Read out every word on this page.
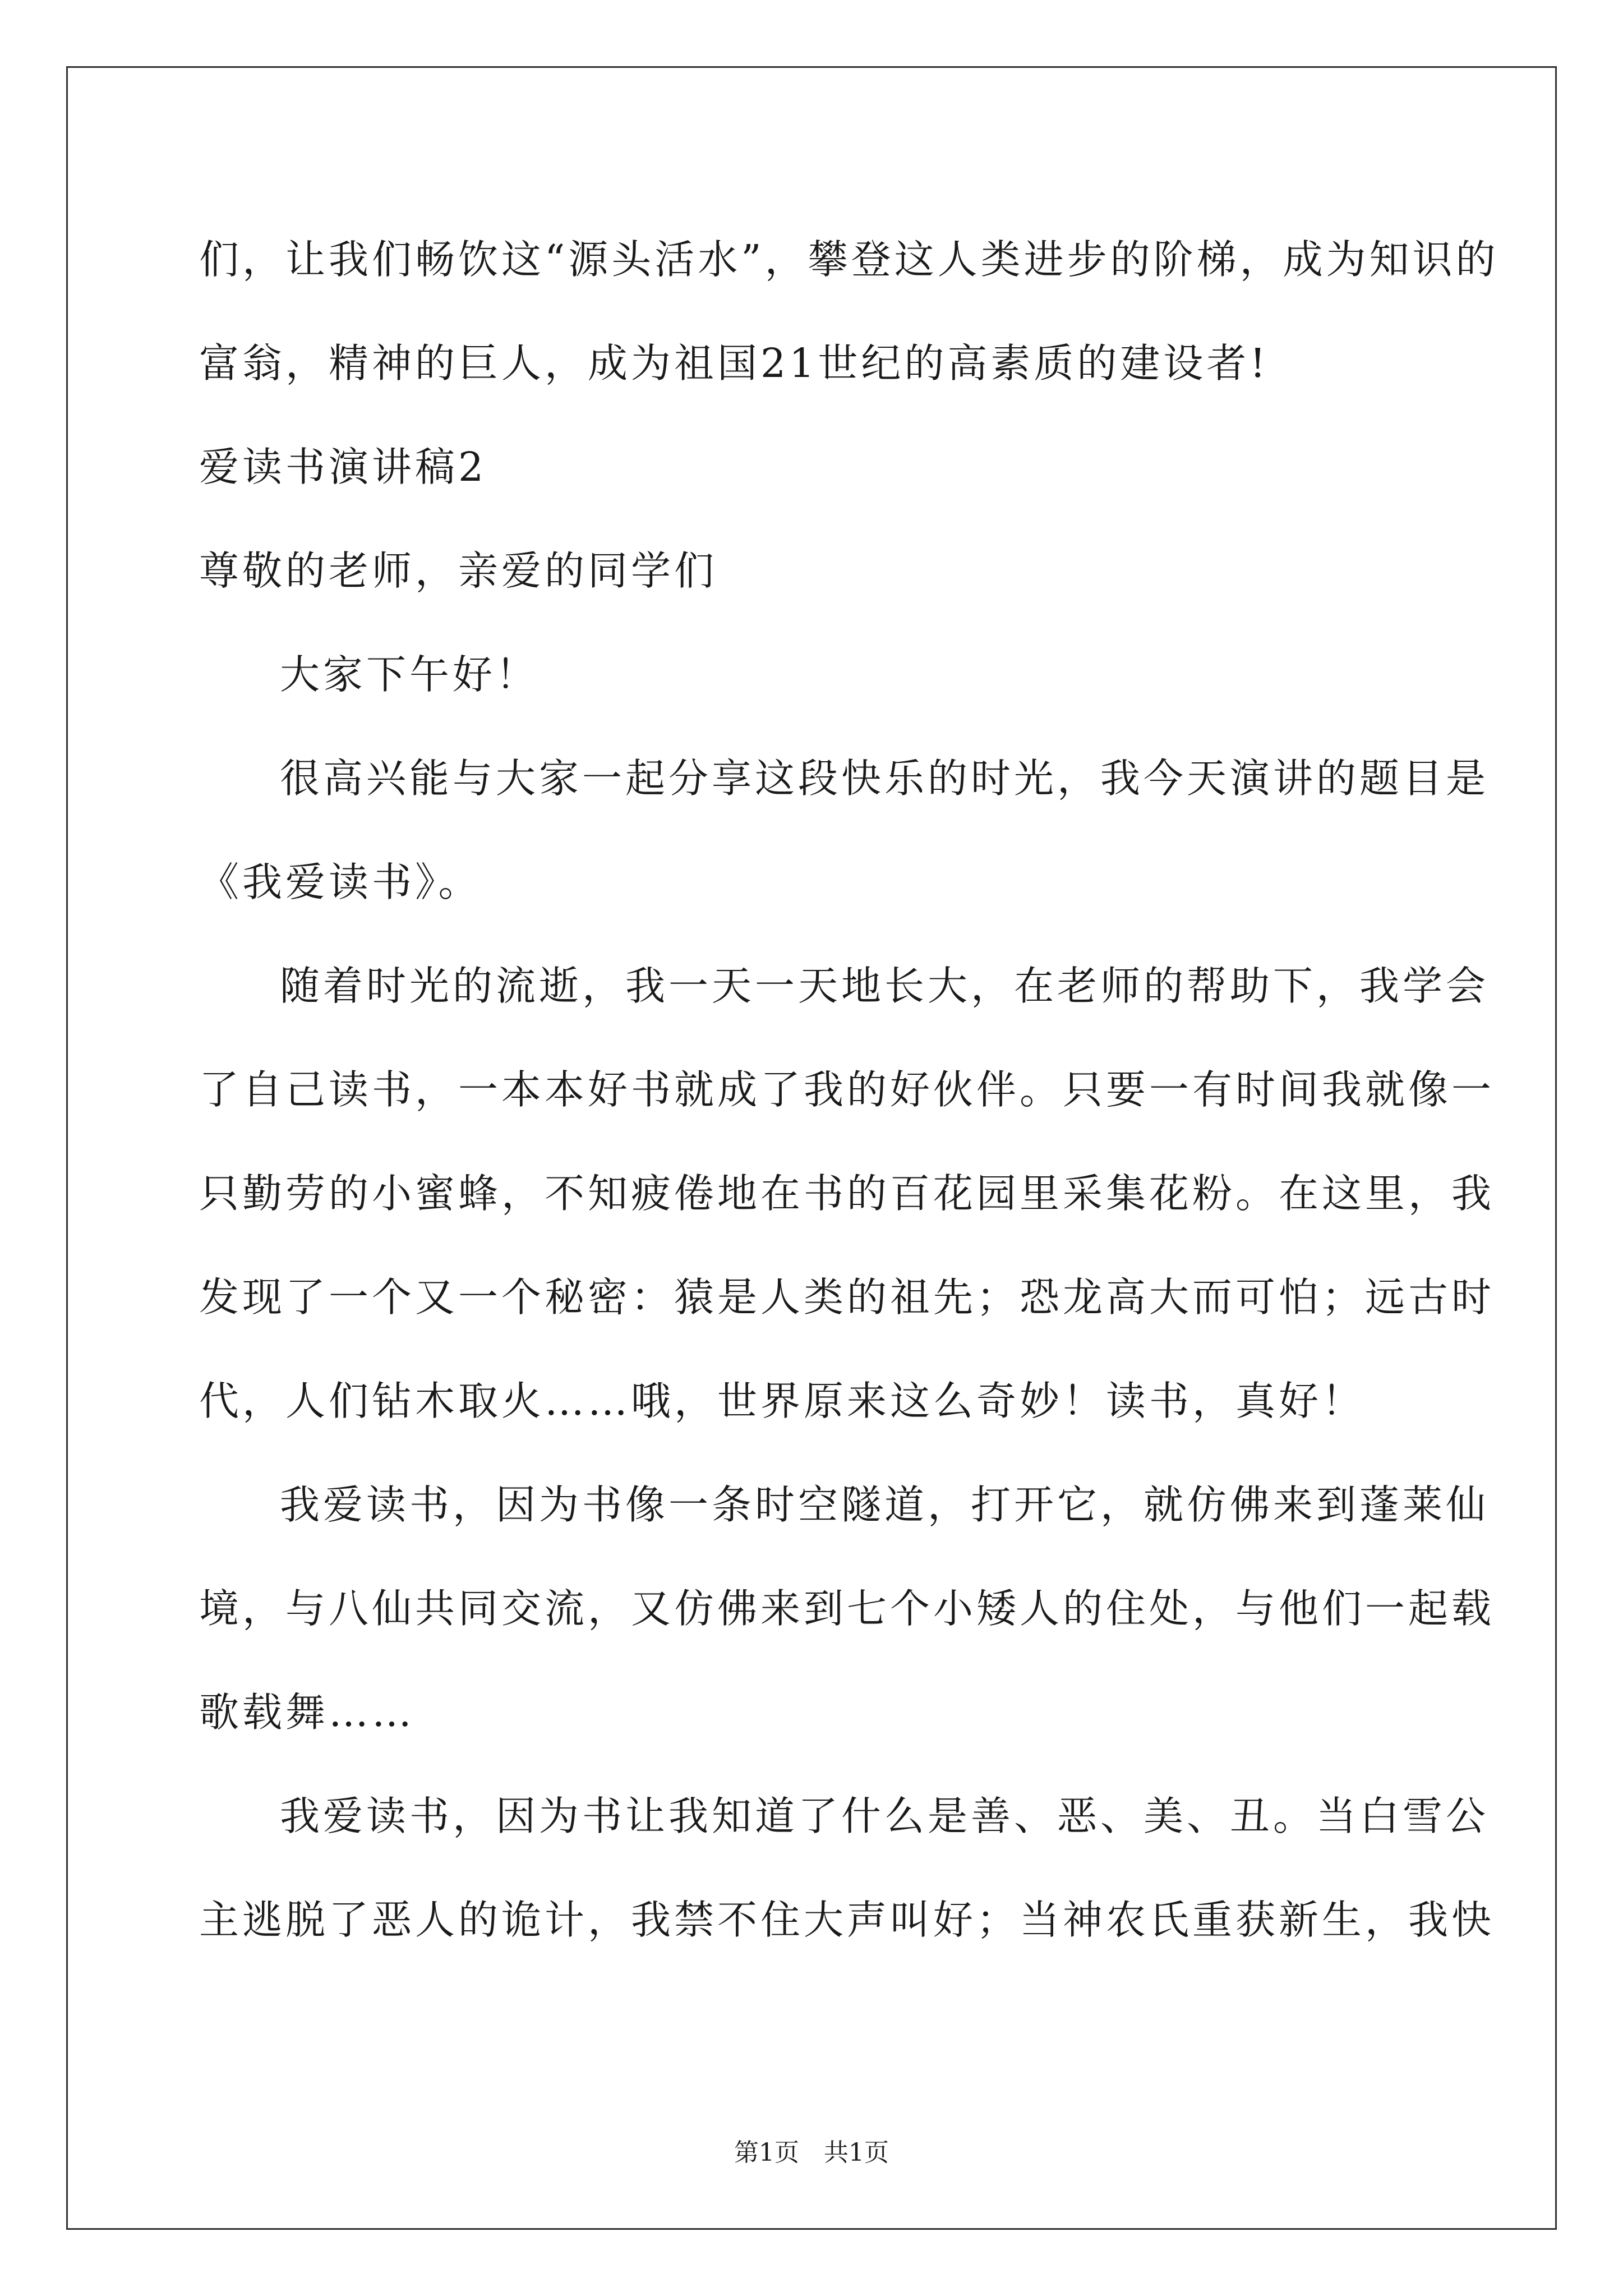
们，让我们畅饮这“源头活水”，攀登这人类进步的阶梯，成为知识的
富翁，精神的巨人，成为祖国21世纪的高素质的建设者!
爱读书演讲稿2
尊敬的老师，亲爱的同学们
大家下午好！
很高兴能与大家一起分享这段快乐的时光，我今天演讲的题目是
《我爱读书》。
随着时光的流逝，我一天一天地长大，在老师的帮助下，我学会
了自己读书，一本本好书就成了我的好伙伴。只要一有时间我就像一
只勤劳的小蜜蜂，不知疲倦地在书的百花园里采集花粉。在这里，我
发现了一个又一个秘密：猿是人类的祖先；恐龙高大而可怕；远古时
代，人们钻木取火……哦，世界原来这么奇妙！读书，真好！
我爱读书，因为书像一条时空隧道，打开它，就仿佛来到蓬莱仙
境，与八仙共同交流，又仿佛来到七个小矮人的住处，与他们一起载
歌载舞……
我爱读书，因为书让我知道了什么是善、恶、美、丑。当白雪公
主逃脱了恶人的诡计，我禁不住大声叫好；当神农氏重获新生，我快
第1页　共1页
